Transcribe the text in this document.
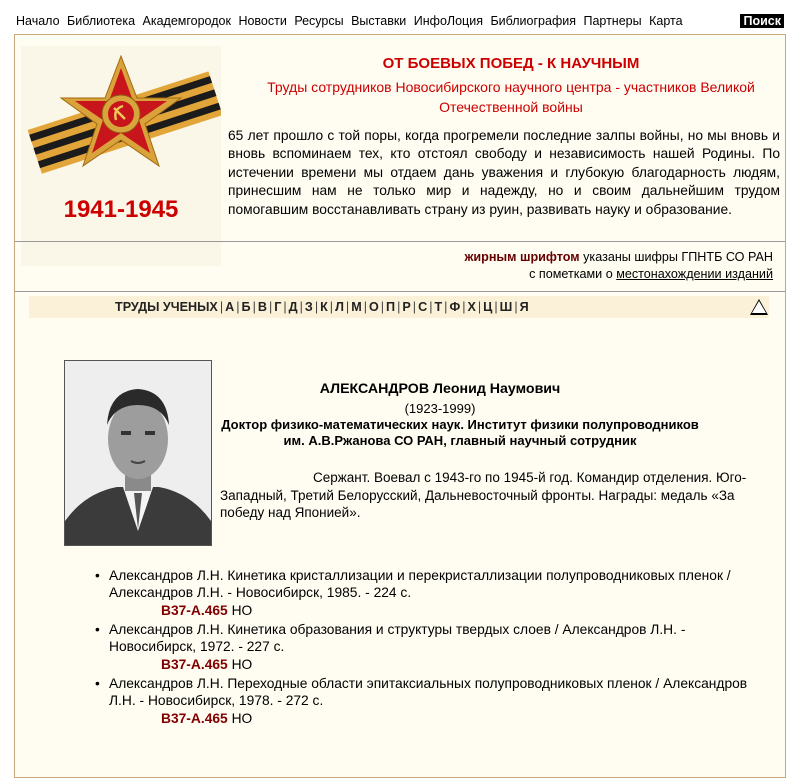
Начало Библиотека Академгородок Новости Ресурсы Выставки ИнфоЛоция Библиография Партнеры Карта	Поиск
1941-1945
ОТ БОЕВЫХ ПОБЕД - К НАУЧНЫМ
Труды сотрудников Новосибирского научного центра - участников Великой Отечественной войны
65 лет прошло с той поры, когда прогремели последние залпы войны, но мы вновь и вновь вспоминаем тех, кто отстоял свободу и независимость нашей Родины. По истечении времени мы отдаем дань уважения и глубокую благодарность людям, принесшим нам не только мир и надежду, но и своим дальнейшим трудом помогавшим восстанавливать страну из руин, развивать науку и образование.
жирным шрифтом указаны шифры ГПНТБ СО РАН
с пометками о местонахождении изданий
ТРУДЫ УЧЕНЫХ | А | Б | В | Г | Д | З | К | Л | М | О | П | Р | С | Т | Ф | Х | Ц | Ш | Я
АЛЕКСАНДРОВ Леонид Наумович
(1923-1999)
Доктор физико-математических наук. Институт физики полупроводников им. А.В.Ржанова СО РАН, главный научный сотрудник
Сержант. Воевал с 1943-го по 1945-й год. Командир отделения. Юго-Западный, Третий Белорусский, Дальневосточный фронты. Награды: медаль «За победу над Японией».
• Александров Л.Н. Кинетика кристаллизации и перекристаллизации полупроводниковых пленок / Александров Л.Н. - Новосибирск, 1985. - 224 с.
В37-А.465 НО
• Александров Л.Н. Кинетика образования и структуры твердых слоев / Александров Л.Н. - Новосибирск, 1972. - 227 с.
В37-А.465 НО
• Александров Л.Н. Переходные области эпитаксиальных полупроводниковых пленок / Александров Л.Н. - Новосибирск, 1978. - 272 с.
В37-А.465 НО
